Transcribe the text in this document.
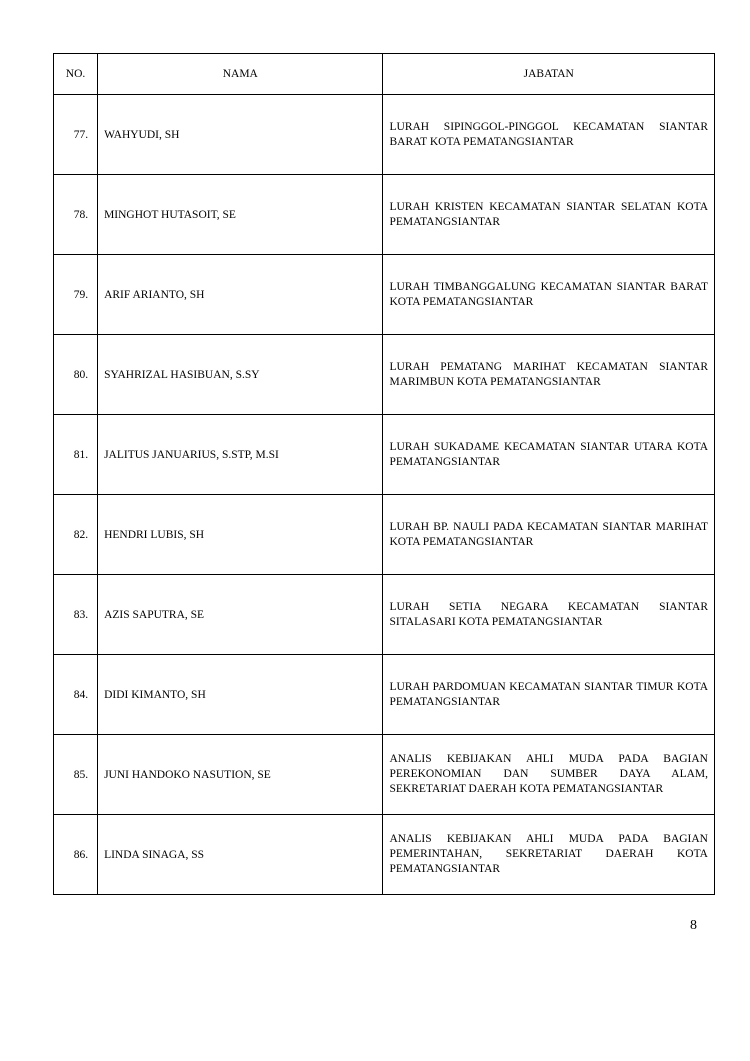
NO.	NAMA	JABATAN
77.	WAHYUDI, SH	LURAH SIPINGGOL-PINGGOL KECAMATAN SIANTAR BARAT KOTA PEMATANGSIANTAR
78.	MINGHOT HUTASOIT, SE	LURAH KRISTEN KECAMATAN SIANTAR SELATAN KOTA PEMATANGSIANTAR
79.	ARIF ARIANTO, SH	LURAH TIMBANGGALUNG KECAMATAN SIANTAR BARAT KOTA PEMATANGSIANTAR
80.	SYAHRIZAL HASIBUAN, S.SY	LURAH PEMATANG MARIHAT KECAMATAN SIANTAR MARIMBUN KOTA PEMATANGSIANTAR
81.	JALITUS JANUARIUS, S.STP, M.SI	LURAH SUKADAME KECAMATAN SIANTAR UTARA KOTA PEMATANGSIANTAR
82.	HENDRI LUBIS, SH	LURAH BP. NAULI PADA KECAMATAN SIANTAR MARIHAT KOTA PEMATANGSIANTAR
83.	AZIS SAPUTRA, SE	LURAH SETIA NEGARA KECAMATAN SIANTAR SITALASARI KOTA PEMATANGSIANTAR
84.	DIDI KIMANTO, SH	LURAH PARDOMUAN KECAMATAN SIANTAR TIMUR KOTA PEMATANGSIANTAR
85.	JUNI HANDOKO NASUTION, SE	ANALIS KEBIJAKAN AHLI MUDA PADA BAGIAN PEREKONOMIAN DAN SUMBER DAYA ALAM, SEKRETARIAT DAERAH KOTA PEMATANGSIANTAR
86.	LINDA SINAGA, SS	ANALIS KEBIJAKAN AHLI MUDA PADA BAGIAN PEMERINTAHAN, SEKRETARIAT DAERAH KOTA PEMATANGSIANTAR
8
